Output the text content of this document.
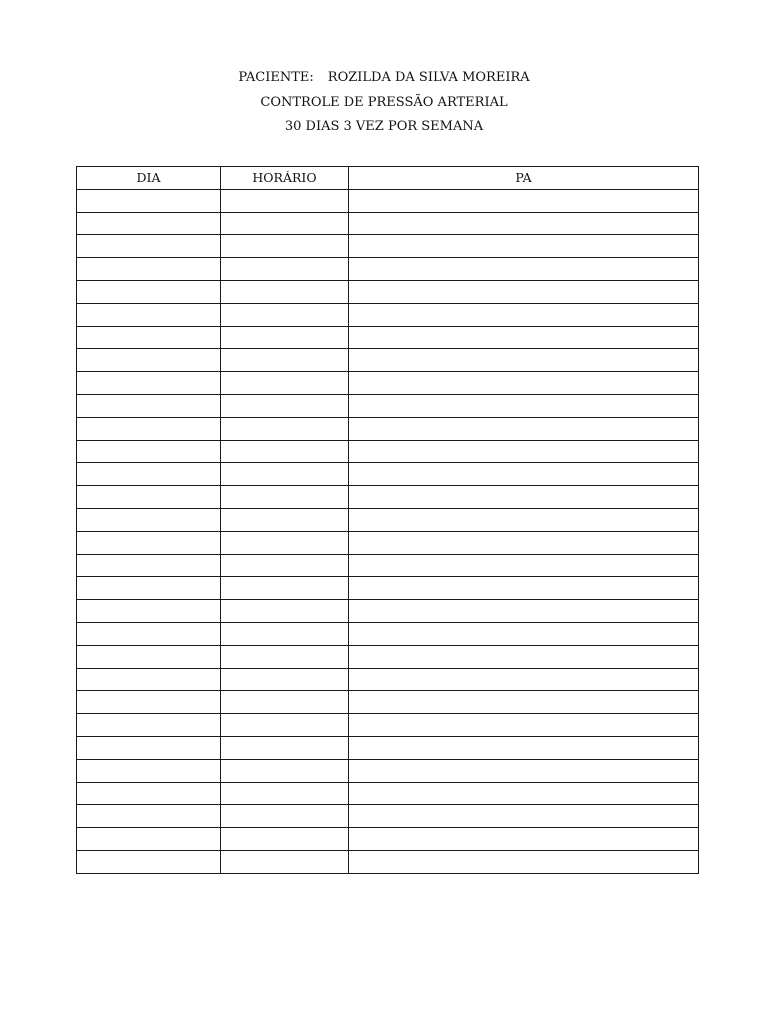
PACIENTE: ROZILDA DA SILVA MOREIRA
CONTROLE DE PRESSÃO ARTERIAL
30 DIAS 3 VEZ POR SEMANA
DIA	HORÁRIO	PA
